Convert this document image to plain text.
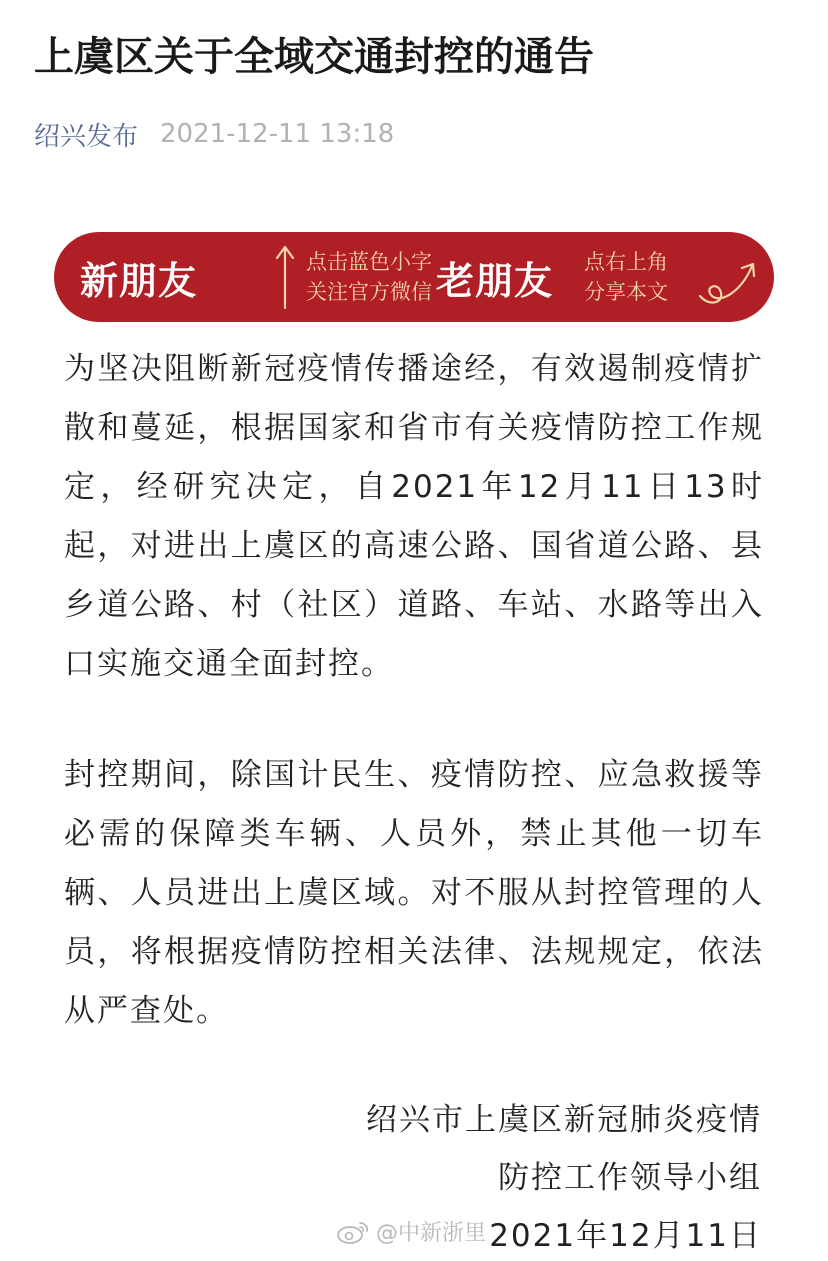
上虞区关于全域交通封控的通告
绍兴发布 2021-12-11 13:18
新朋友	点击蓝色小字
关注官方微信 老朋友 点右上角
分享本文
为坚决阻断新冠疫情传播途经，有效遏制疫情扩散和蔓延，根据国家和省市有关疫情防控工作规定，经研究决定，自2021年12月11日13时起，对进出上虞区的高速公路、国省道公路、县乡道公路、村（社区）道路、车站、水路等出入口实施交通全面封控。
封控期间，除国计民生、疫情防控、应急救援等必需的保障类车辆、人员外，禁止其他一切车辆、人员进出上虞区域。对不服从封控管理的人员，将根据疫情防控相关法律、法规规定，依法从严查处。
绍兴市上虞区新冠肺炎疫情
防控工作领导小组
@中新浙里 2021年12月11日
